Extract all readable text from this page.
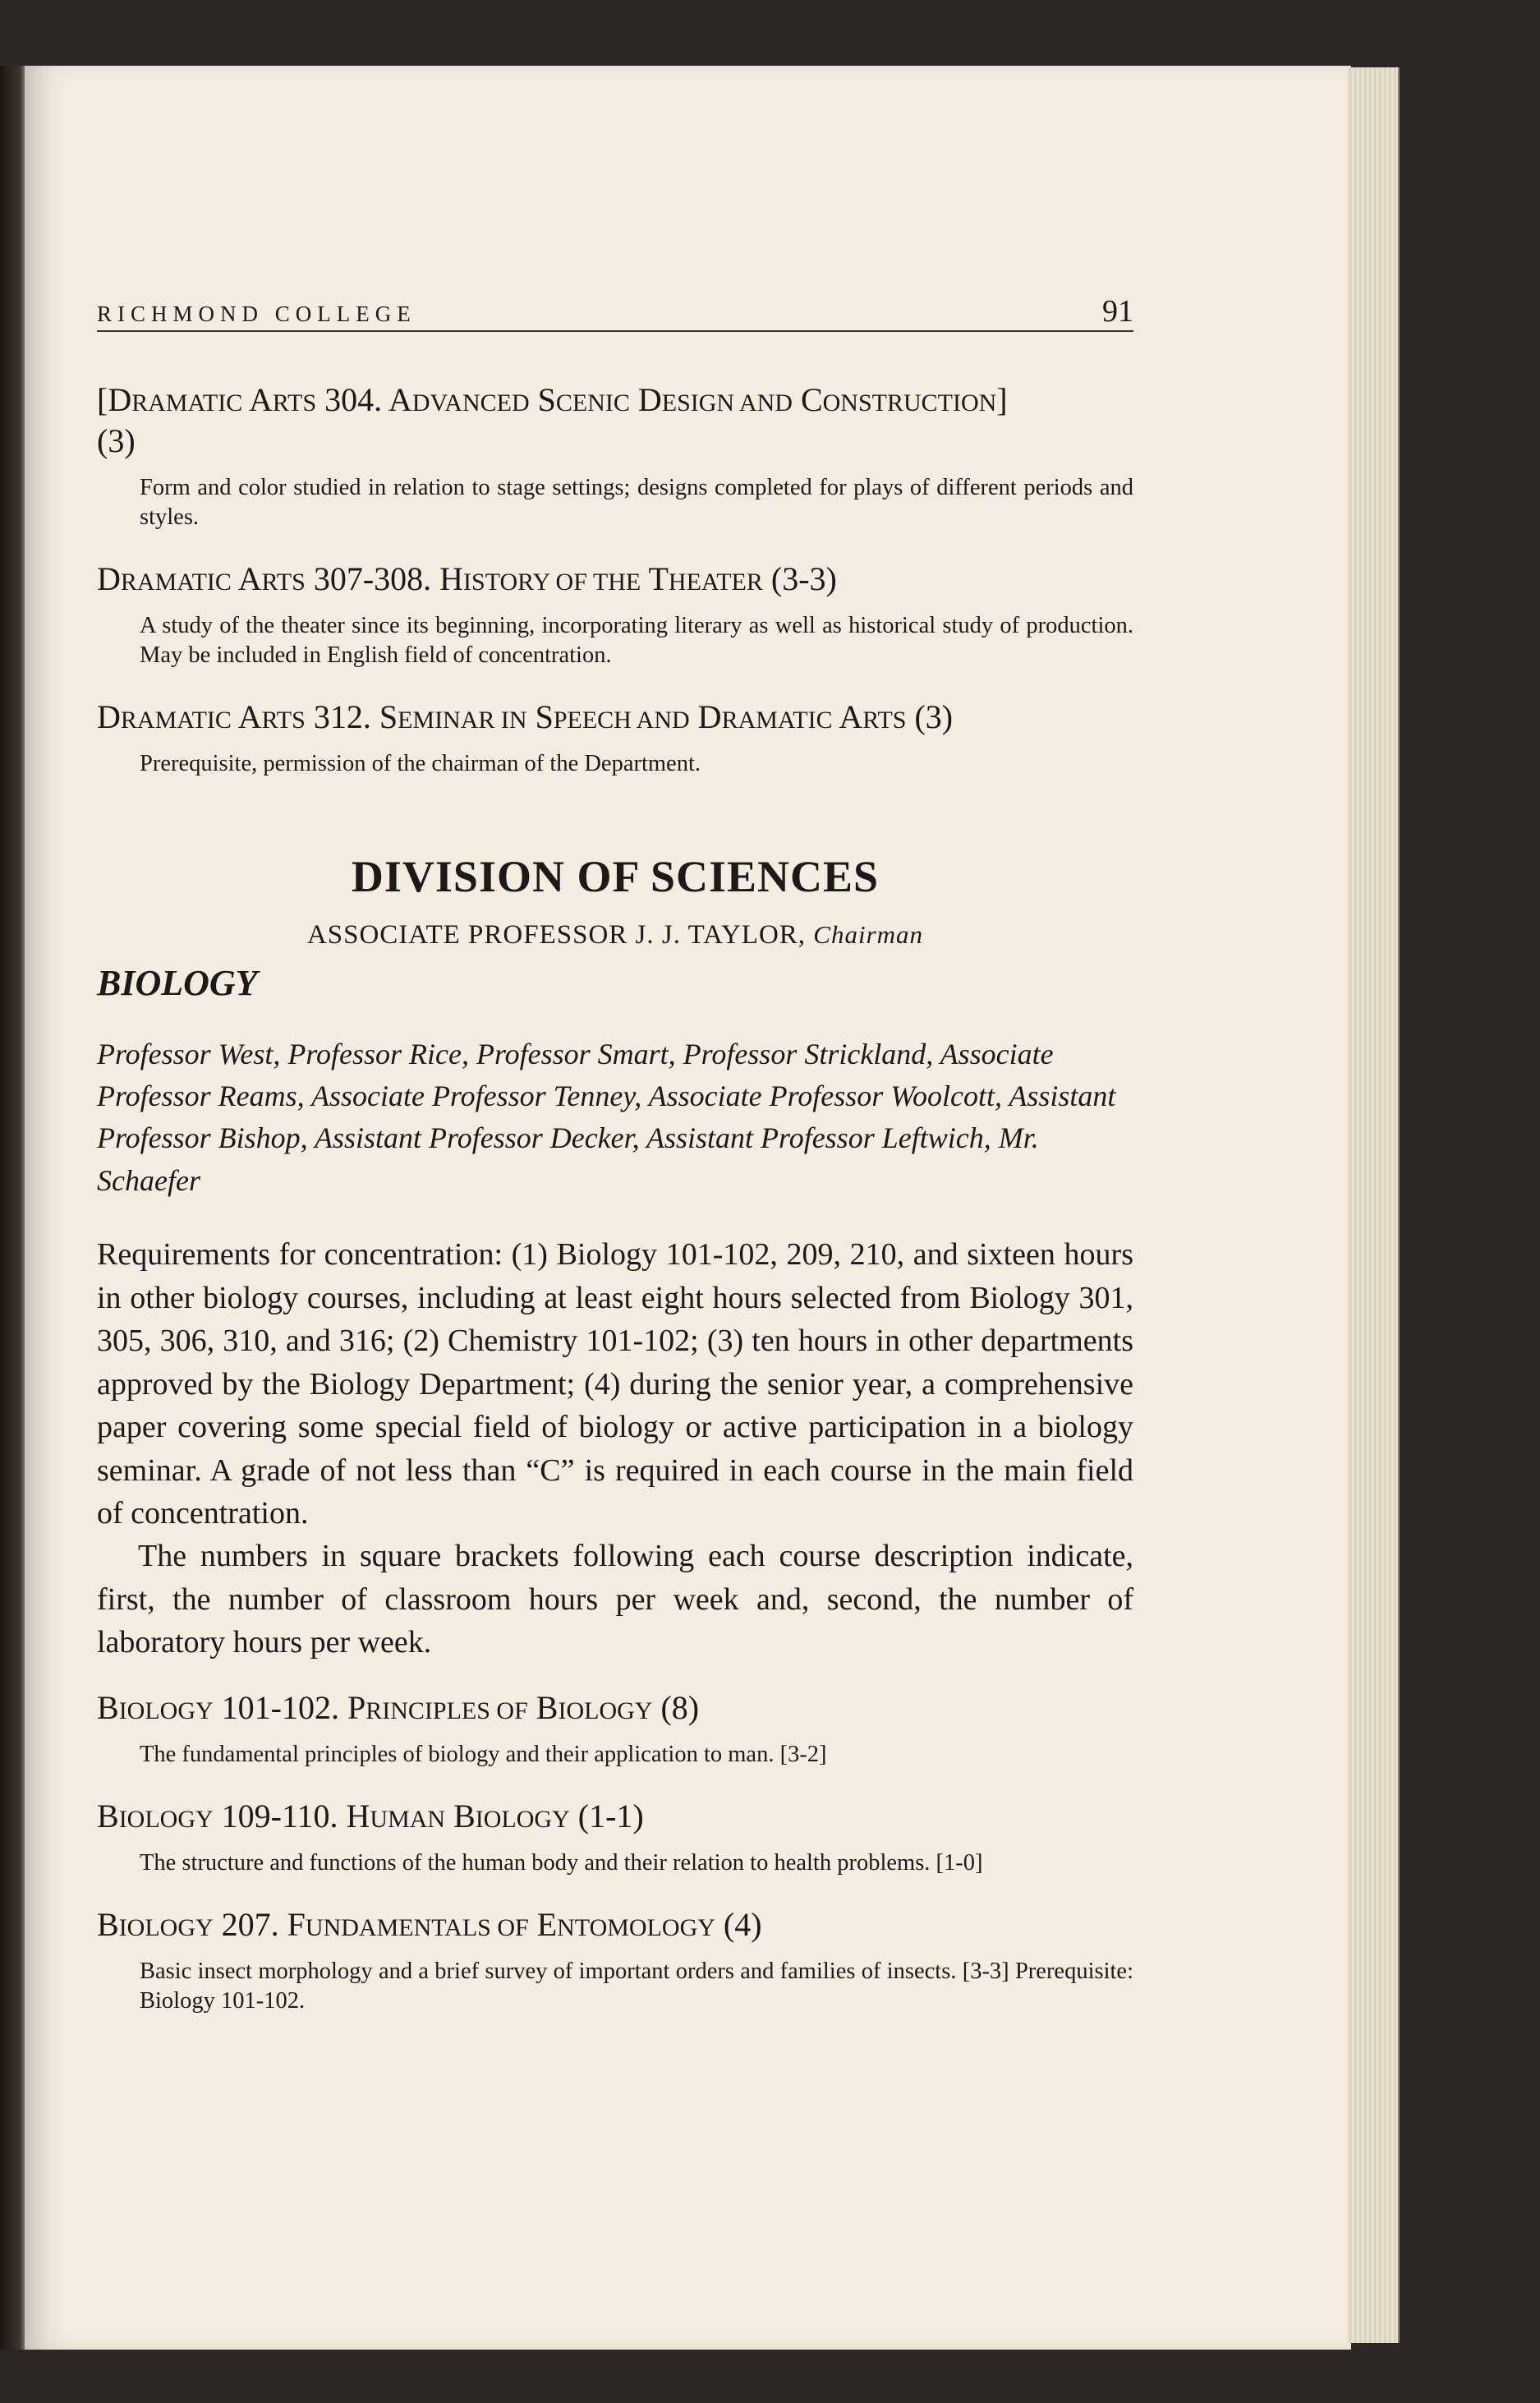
RICHMOND COLLEGE	91

[DRAMATIC ARTS 304. ADVANCED SCENIC DESIGN AND CONSTRUCTION]
(3)

Form and color studied in relation to stage settings; designs completed for plays of different periods and styles.

DRAMATIC ARTS 307-308. HISTORY OF THE THEATER (3-3)

A study of the theater since its beginning, incorporating literary as well as historical study of production. May be included in English field of concentration.

DRAMATIC ARTS 312. SEMINAR IN SPEECH AND DRAMATIC ARTS (3)

Prerequisite, permission of the chairman of the Department.

DIVISION OF SCIENCES

ASSOCIATE PROFESSOR J. J. TAYLOR, Chairman

BIOLOGY

Professor West, Professor Rice, Professor Smart, Professor Strickland, Associate Professor Reams, Associate Professor Tenney, Associate Professor Woolcott, Assistant Professor Bishop, Assistant Professor Decker, Assistant Professor Leftwich, Mr. Schaefer

Requirements for concentration: (1) Biology 101-102, 209, 210, and sixteen hours in other biology courses, including at least eight hours selected from Biology 301, 305, 306, 310, and 316; (2) Chemistry 101-102; (3) ten hours in other departments approved by the Biology Department; (4) during the senior year, a comprehensive paper covering some special field of biology or active participation in a biology seminar. A grade of not less than “C” is required in each course in the main field of concentration.

The numbers in square brackets following each course description indicate, first, the number of classroom hours per week and, second, the number of laboratory hours per week.

BIOLOGY 101-102. PRINCIPLES OF BIOLOGY (8)

The fundamental principles of biology and their application to man. [3-2]

BIOLOGY 109-110. HUMAN BIOLOGY (1-1)

The structure and functions of the human body and their relation to health problems. [1-0]

BIOLOGY 207. FUNDAMENTALS OF ENTOMOLOGY (4)

Basic insect morphology and a brief survey of important orders and families of insects. [3-3] Prerequisite: Biology 101-102.
